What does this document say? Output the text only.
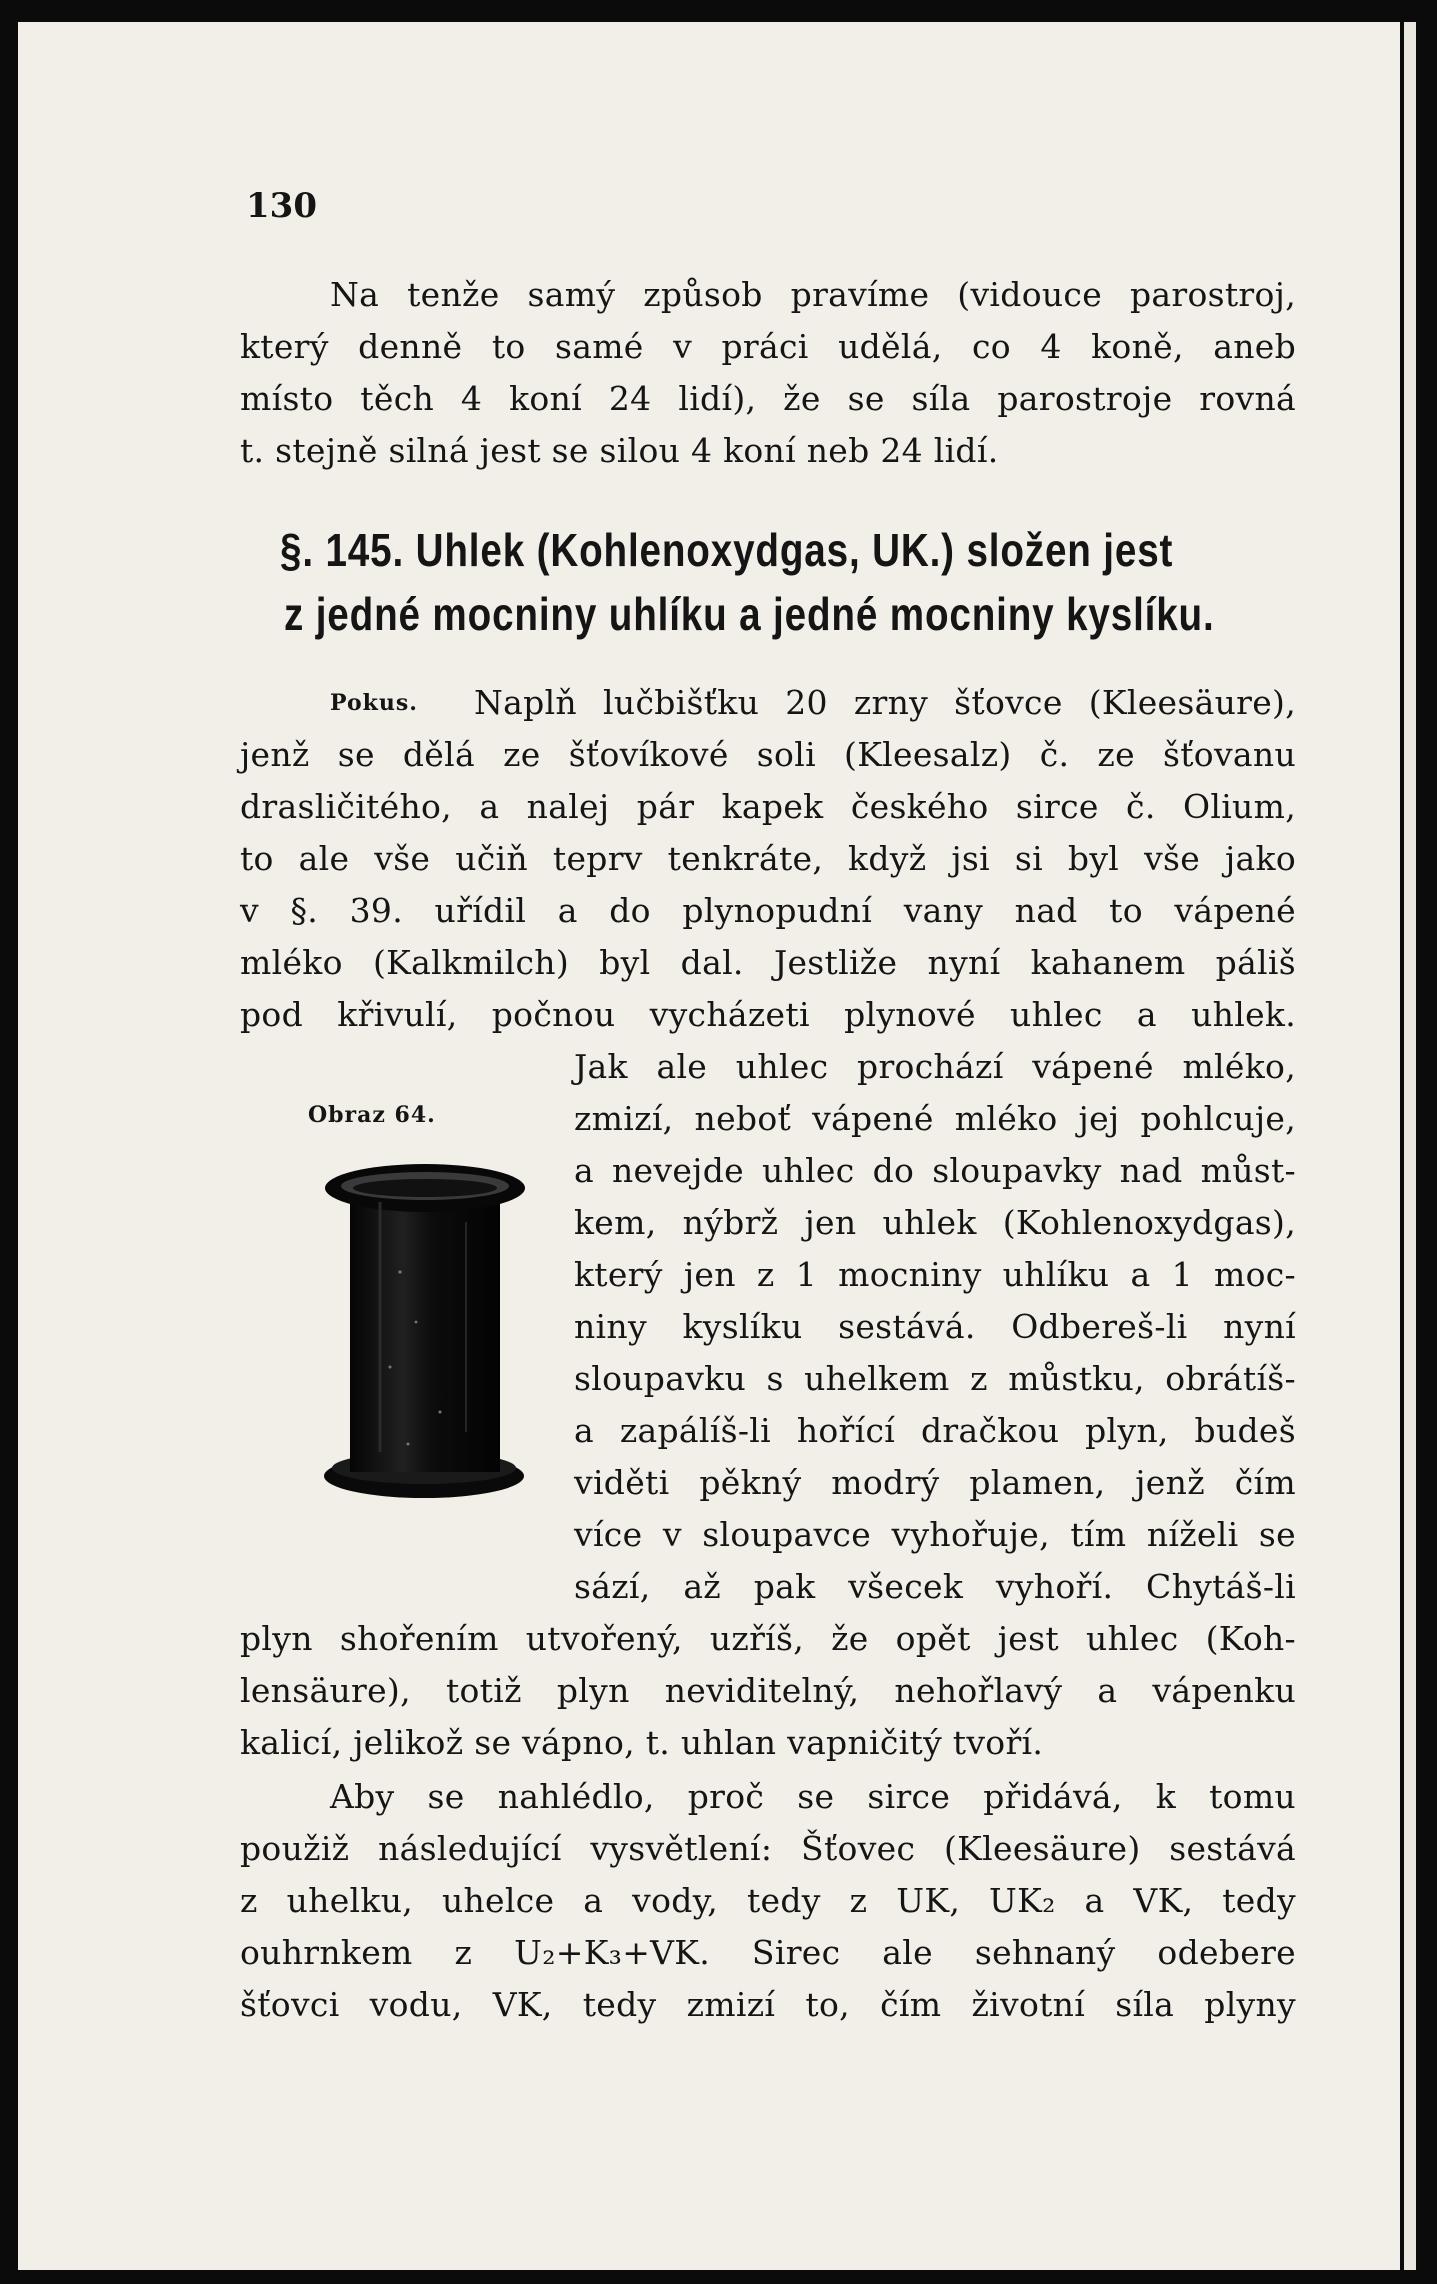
130
Na tenže samý způsob pravíme (vidouce parostroj,
který denně to samé v práci udělá, co 4 koně, aneb
místo těch 4 koní 24 lidí), že se síla parostroje rovná
t. stejně silná jest se silou 4 koní neb 24 lidí.
§. 145. Uhlek (Kohlenoxydgas, UK.) složen jest
z jedné mocniny uhlíku a jedné mocniny kyslíku.
Pokus. Naplň lučbišťku 20 zrny šťovce (Kleesäure),
jenž se dělá ze šťovíkové soli (Kleesalz) č. ze šťovanu
drasličitého, a nalej pár kapek českého sirce č. Olium,
to ale vše učiň teprv tenkráte, když jsi si byl vše jako
v §. 39. uřídil a do plynopudní vany nad to vápené
mléko (Kalkmilch) byl dal. Jestliže nyní kahanem páliš
pod křivulí, počnou vycházeti plynové uhlec a uhlek.
Obraz 64.
Jak ale uhlec prochází vápené mléko,
zmizí, neboť vápené mléko jej pohlcuje,
a nevejde uhlec do sloupavky nad můst-
kem, nýbrž jen uhlek (Kohlenoxydgas),
který jen z 1 mocniny uhlíku a 1 moc-
niny kyslíku sestává. Odbereš-li nyní
sloupavku s uhelkem z můstku, obrátíš-
a zapálíš-li hořící dračkou plyn, budeš
viděti pěkný modrý plamen, jenž čím
více v sloupavce vyhořuje, tím níželi se
sází, až pak všecek vyhoří. Chytáš-li
plyn shořením utvořený, uzříš, že opět jest uhlec (Koh-
lensäure), totiž plyn neviditelný, nehořlavý a vápenku
kalicí, jelikož se vápno, t. uhlan vapničitý tvoří.
Aby se nahlédlo, proč se sirce přidává, k tomu
použiž následující vysvětlení: Šťovec (Kleesäure) sestává
z uhelku, uhelce a vody, tedy z UK, UK₂ a VK, tedy
ouhrnkem z U₂+K₃+VK. Sirec ale sehnaný odebere
šťovci vodu, VK, tedy zmizí to, čím životní síla plyny
